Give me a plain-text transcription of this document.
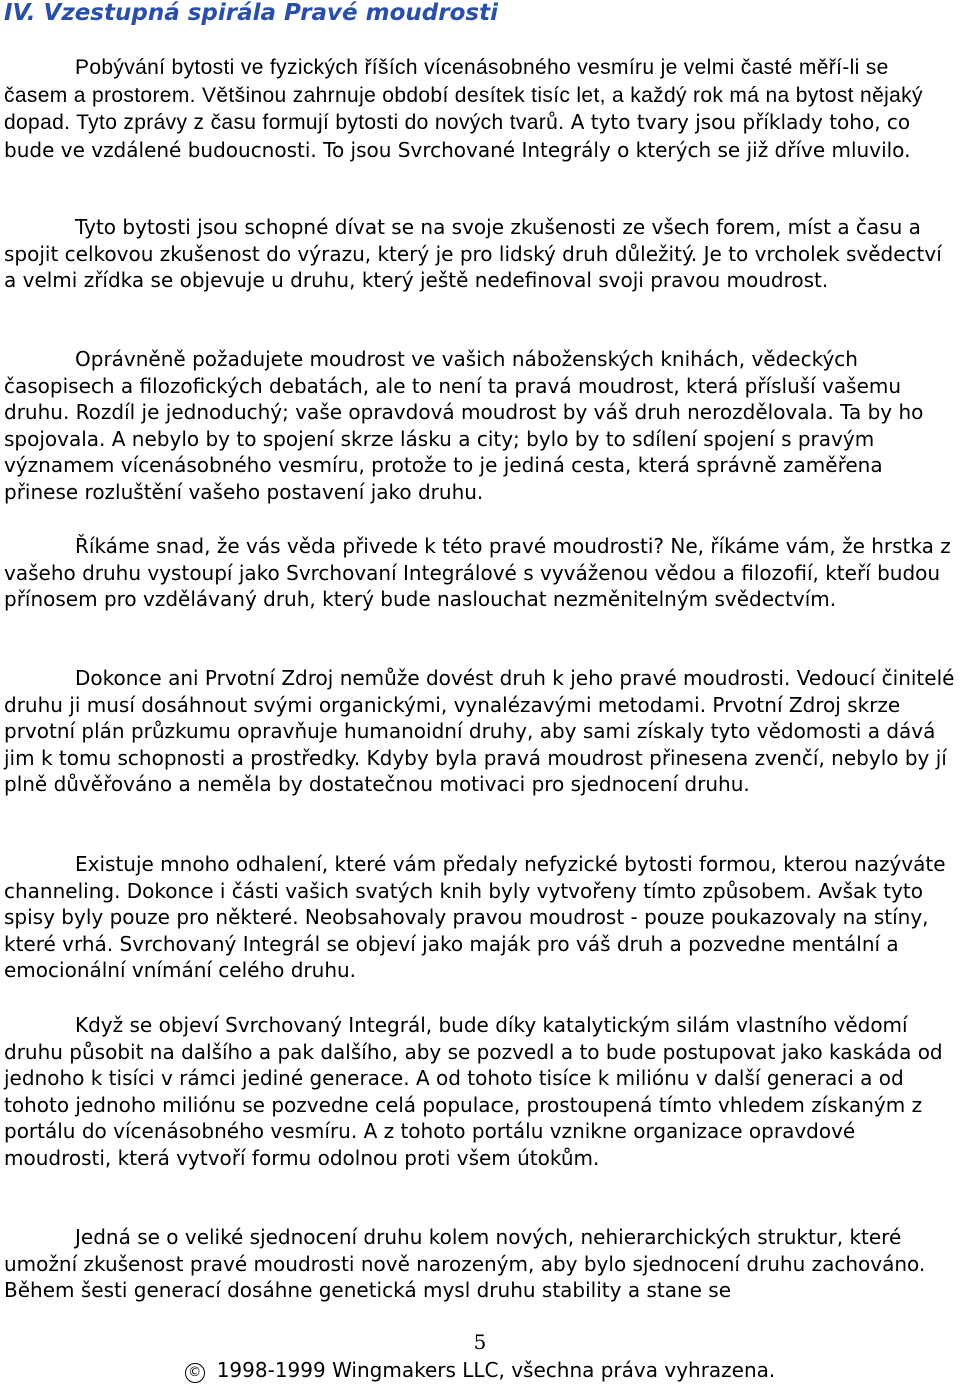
IV. Vzestupná spirála Pravé moudrosti

Pobývání bytosti ve fyzických říších vícenásobného vesmíru je velmi časté měří-li se časem a prostorem. Většinou zahrnuje období desítek tisíc let, a každý rok má na bytost nějaký dopad. Tyto zprávy z času formují bytosti do nových tvarů. A tyto tvary jsou příklady toho, co bude ve vzdálené budoucnosti. To jsou Svrchované Integrály o kterých se již dříve mluvilo.

Tyto bytosti jsou schopné dívat se na svoje zkušenosti ze všech forem, míst a času a spojit celkovou zkušenost do výrazu, který je pro lidský druh důležitý. Je to vrcholek svědectví a velmi zřídka se objevuje u druhu, který ještě nedefinoval svoji pravou moudrost.

Oprávněně požadujete moudrost ve vašich náboženských knihách, vědeckých časopisech a filozofických debatách, ale to není ta pravá moudrost, která přísluší vašemu druhu. Rozdíl je jednoduchý; vaše opravdová moudrost by váš druh nerozdělovala. Ta by ho spojovala. A nebylo by to spojení skrze lásku a city; bylo by to sdílení spojení s pravým významem vícenásobného vesmíru, protože to je jediná cesta, která správně zaměřena přinese rozluštění vašeho postavení jako druhu.

Říkáme snad, že vás věda přivede k této pravé moudrosti? Ne, říkáme vám, že hrstka z vašeho druhu vystoupí jako Svrchovaní Integrálové s vyváženou vědou a filozofií, kteří budou přínosem pro vzdělávaný druh, který bude naslouchat nezměnitelným svědectvím.

Dokonce ani Prvotní Zdroj nemůže dovést druh k jeho pravé moudrosti. Vedoucí činitelé druhu ji musí dosáhnout svými organickými, vynalézavými metodami. Prvotní Zdroj skrze prvotní plán průzkumu opravňuje humanoidní druhy, aby sami získaly tyto vědomosti a dává jim k tomu schopnosti a prostředky. Kdyby byla pravá moudrost přinesena zvenčí, nebylo by jí plně důvěřováno a neměla by dostatečnou motivaci pro sjednocení druhu.

Existuje mnoho odhalení, které vám předaly nefyzické bytosti formou, kterou nazýváte channeling. Dokonce i části vašich svatých knih byly vytvořeny tímto způsobem. Avšak tyto spisy byly pouze pro některé. Neobsahovaly pravou moudrost - pouze poukazovaly na stíny, které vrhá. Svrchovaný Integrál se objeví jako maják pro váš druh a pozvedne mentální a emocionální vnímání celého druhu.

Když se objeví Svrchovaný Integrál, bude díky katalytickým silám vlastního vědomí druhu působit na dalšího a pak dalšího, aby se pozvedl a to bude postupovat jako kaskáda od jednoho k tisíci v rámci jediné generace. A od tohoto tisíce k miliónu v další generaci a od tohoto jednoho miliónu se pozvedne celá populace, prostoupená tímto vhledem získaným z portálu do vícenásobného vesmíru. A z tohoto portálu vznikne organizace opravdové moudrosti, která vytvoří formu odolnou proti všem útokům.

Jedná se o veliké sjednocení druhu kolem nových, nehierarchických struktur, které umožní zkušenost pravé moudrosti nově narozeným, aby bylo sjednocení druhu zachováno. Během šesti generací dosáhne genetická mysl druhu stability a stane se

5
© 1998-1999 Wingmakers LLC, všechna práva vyhrazena.
